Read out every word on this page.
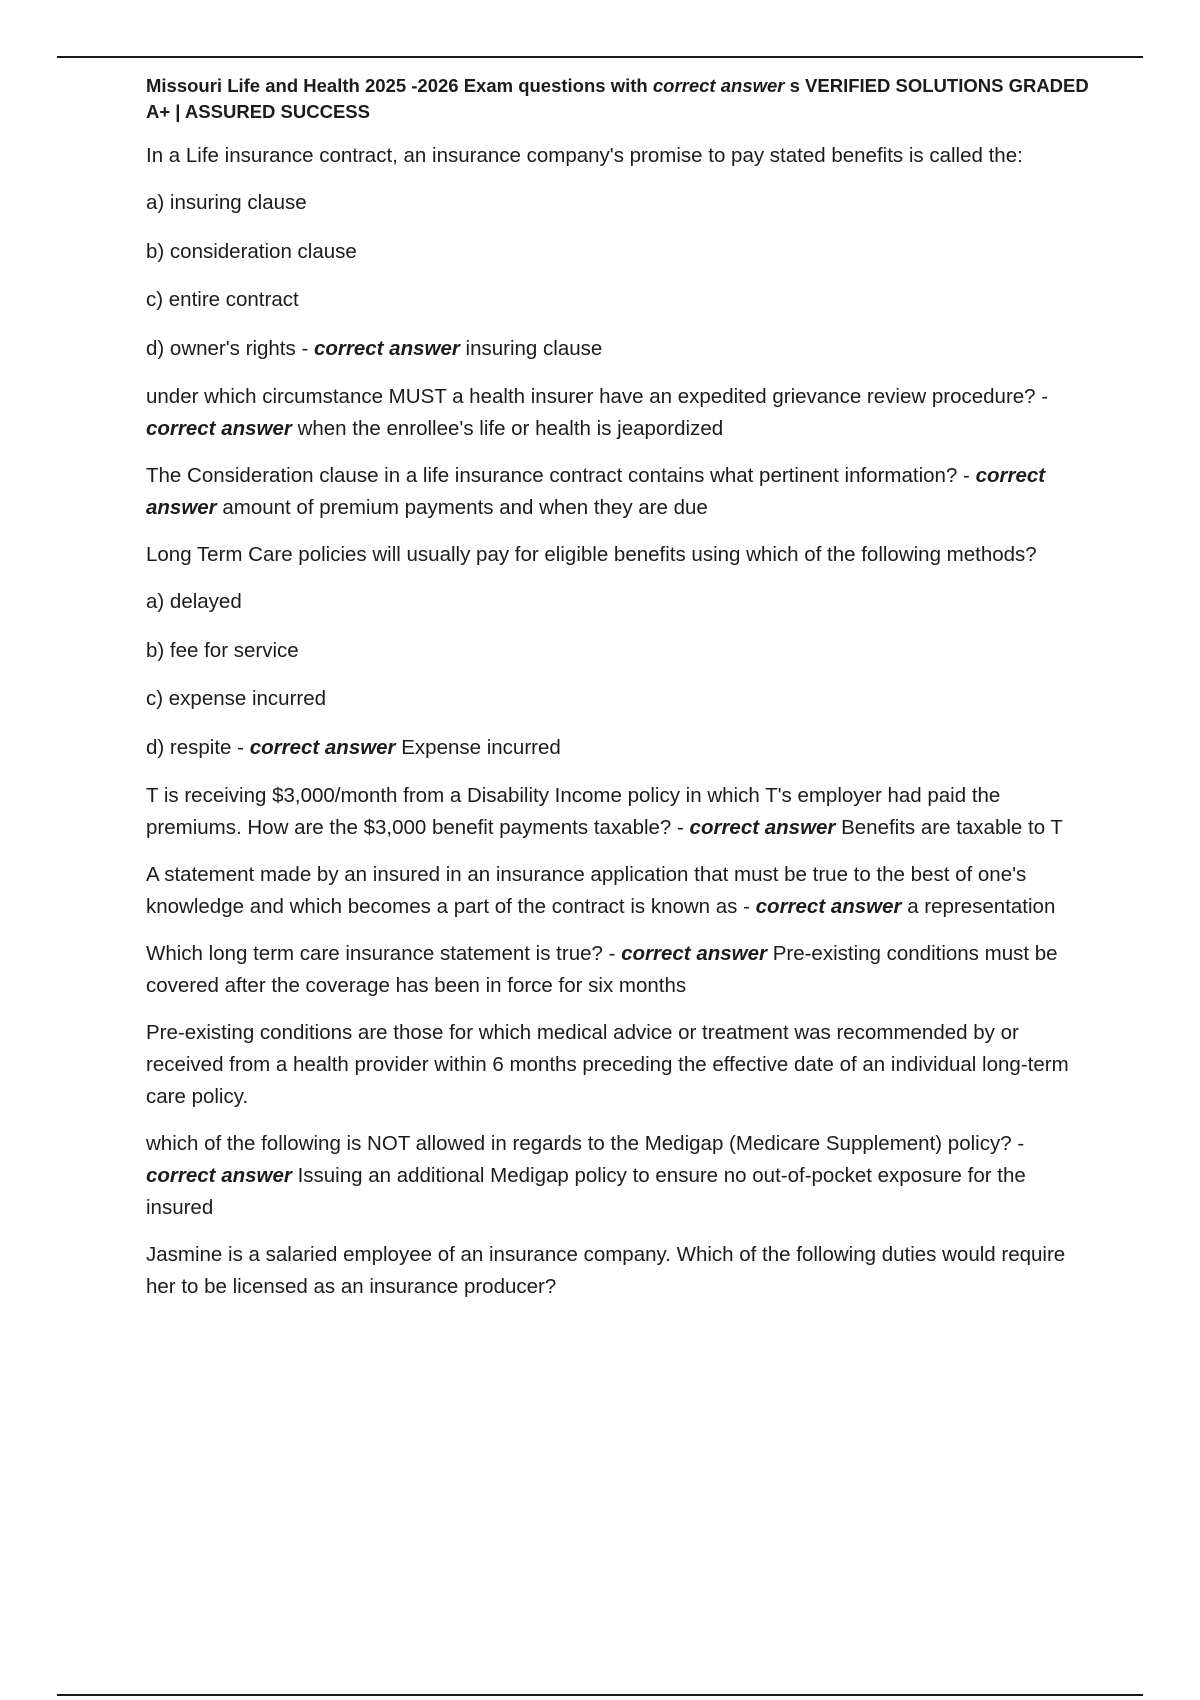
Missouri Life and Health 2025 -2026 Exam questions with correct answer s VERIFIED SOLUTIONS GRADED A+ | ASSURED SUCCESS
In a Life insurance contract, an insurance company's promise to pay stated benefits is called the:
a) insuring clause
b) consideration clause
c) entire contract
d) owner's rights - correct answer insuring clause
under which circumstance MUST a health insurer have an expedited grievance review procedure? - correct answer when the enrollee's life or health is jeapordized
The Consideration clause in a life insurance contract contains what pertinent information? - correct answer amount of premium payments and when they are due
Long Term Care policies will usually pay for eligible benefits using which of the following methods?
a) delayed
b) fee for service
c) expense incurred
d) respite - correct answer Expense incurred
T is receiving $3,000/month from a Disability Income policy in which T's employer had paid the premiums. How are the $3,000 benefit payments taxable? - correct answer Benefits are taxable to T
A statement made by an insured in an insurance application that must be true to the best of one's knowledge and which becomes a part of the contract is known as - correct answer a representation
Which long term care insurance statement is true? - correct answer Pre-existing conditions must be covered after the coverage has been in force for six months
Pre-existing conditions are those for which medical advice or treatment was recommended by or received from a health provider within 6 months preceding the effective date of an individual long-term care policy.
which of the following is NOT allowed in regards to the Medigap (Medicare Supplement) policy? - correct answer Issuing an additional Medigap policy to ensure no out-of-pocket exposure for the insured
Jasmine is a salaried employee of an insurance company. Which of the following duties would require her to be licensed as an insurance producer?
